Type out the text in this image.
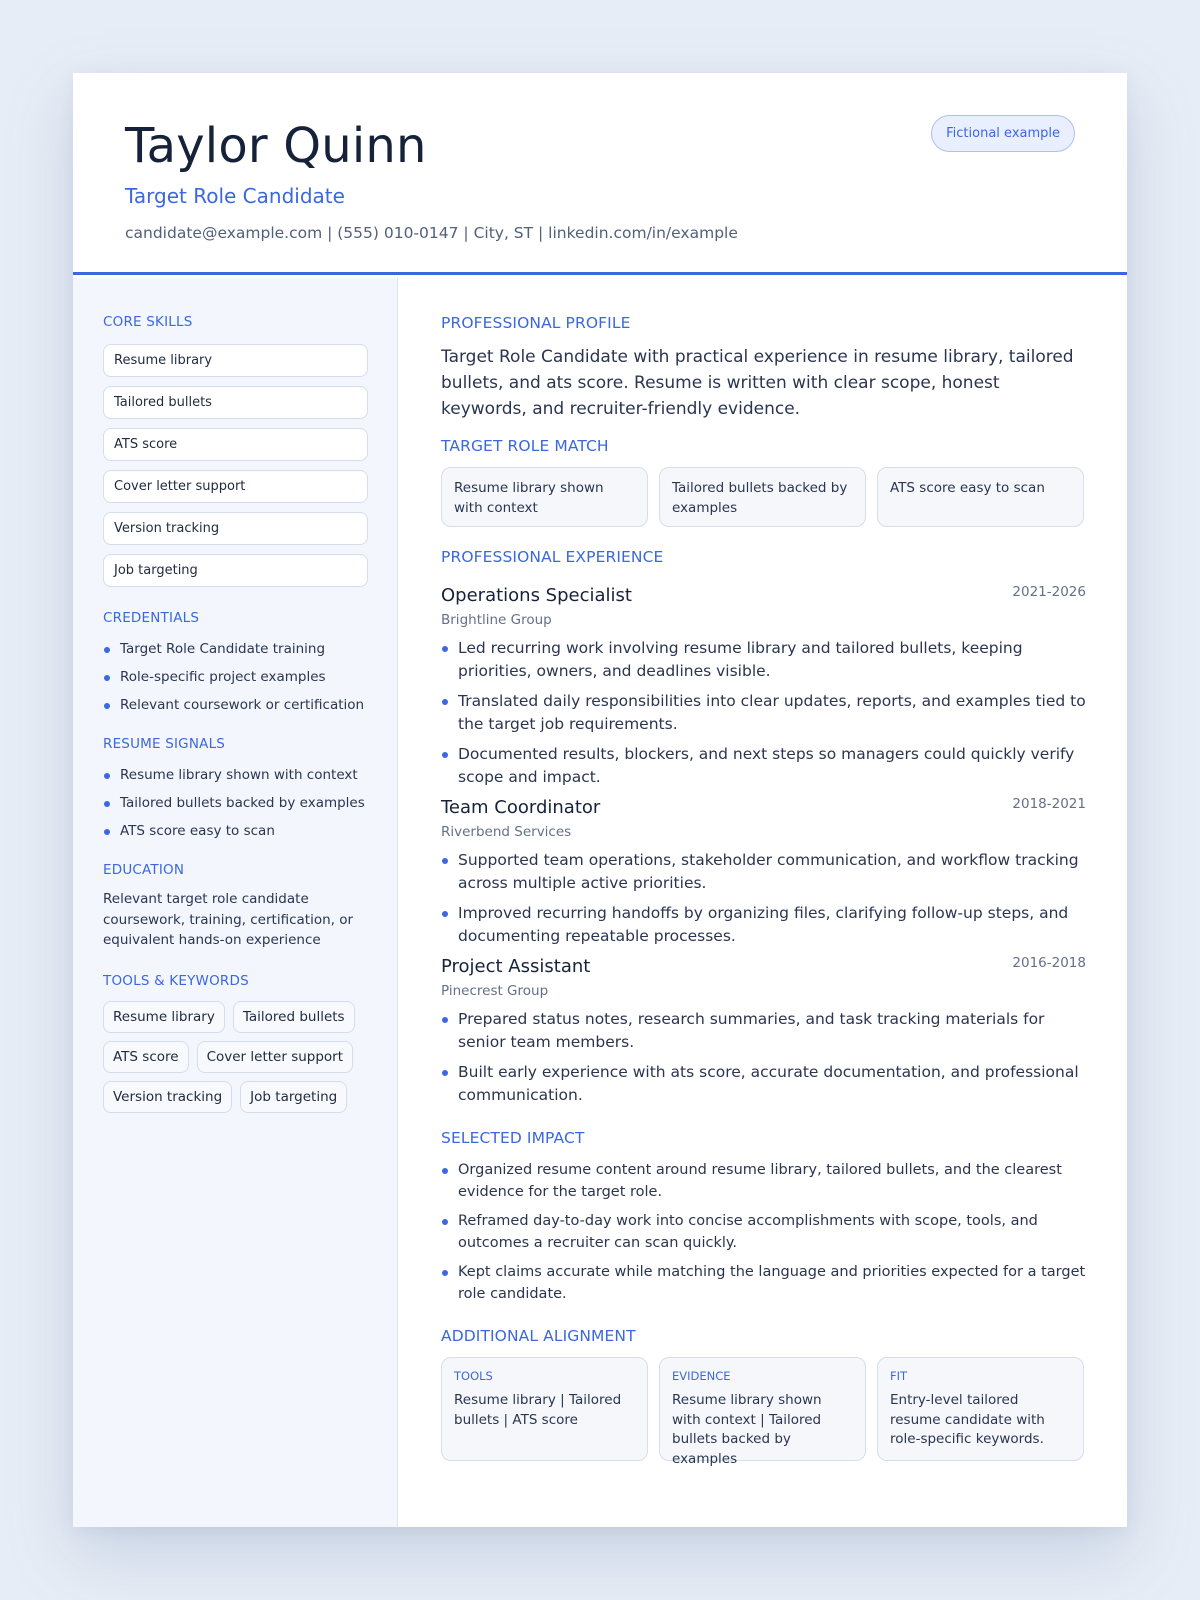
Taylor Quinn
Target Role Candidate
candidate@example.com | (555) 010-0147 | City, ST | linkedin.com/in/example
Fictional example
CORE SKILLS
Resume library
Tailored bullets
ATS score
Cover letter support
Version tracking
Job targeting
CREDENTIALS
Target Role Candidate training
Role-specific project examples
Relevant coursework or certification
RESUME SIGNALS
Resume library shown with context
Tailored bullets backed by examples
ATS score easy to scan
EDUCATION

Relevant target role candidate coursework, training, certification, or equivalent hands-on experience

TOOLS & KEYWORDS
Resume library	Tailored bullets
ATS score	Cover letter support
Version tracking	Job targeting
PROFESSIONAL PROFILE

Target Role Candidate with practical experience in resume library, tailored bullets, and ats score. Resume is written with clear scope, honest keywords, and recruiter-friendly evidence.

TARGET ROLE MATCH
Resume library shown with context
Tailored bullets backed by examples
ATS score easy to scan
PROFESSIONAL EXPERIENCE
Operations Specialist	2021-2026
Brightline Group
Led recurring work involving resume library and tailored bullets, keeping priorities, owners, and deadlines visible.
Translated daily responsibilities into clear updates, reports, and examples tied to the target job requirements.
Documented results, blockers, and next steps so managers could quickly verify scope and impact.
Team Coordinator	2018-2021
Riverbend Services
Supported team operations, stakeholder communication, and workflow tracking across multiple active priorities.
Improved recurring handoffs by organizing files, clarifying follow-up steps, and documenting repeatable processes.
Project Assistant	2016-2018
Pinecrest Group
Prepared status notes, research summaries, and task tracking materials for senior team members.
Built early experience with ats score, accurate documentation, and professional communication.
SELECTED IMPACT
Organized resume content around resume library, tailored bullets, and the clearest evidence for the target role.
Reframed day-to-day work into concise accomplishments with scope, tools, and outcomes a recruiter can scan quickly.
Kept claims accurate while matching the language and priorities expected for a target role candidate.
ADDITIONAL ALIGNMENT
TOOLS
Resume library | Tailored bullets | ATS score
EVIDENCE
Resume library shown with context | Tailored bullets backed by examples
FIT
Entry-level tailored resume candidate with role-specific keywords.
